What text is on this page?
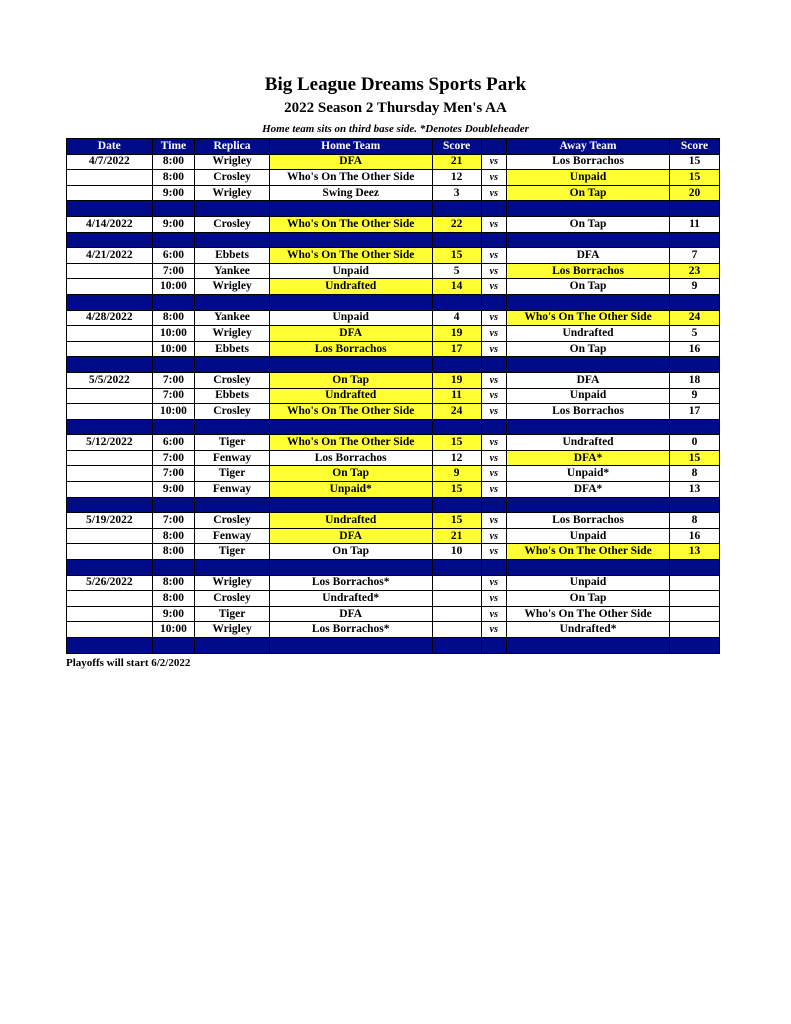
Big League Dreams Sports Park
2022 Season 2 Thursday Men's AA
Home team sits on third base side. *Denotes Doubleheader
Date	Time	Replica	Home Team	Score		Away Team	Score
4/7/2022	8:00	Wrigley	DFA	21	vs	Los Borrachos	15
	8:00	Crosley	Who's On The Other Side	12	vs	Unpaid	15
	9:00	Wrigley	Swing Deez	3	vs	On Tap	20

4/14/2022	9:00	Crosley	Who's On The Other Side	22	vs	On Tap	11

4/21/2022	6:00	Ebbets	Who's On The Other Side	15	vs	DFA	7
	7:00	Yankee	Unpaid	5	vs	Los Borrachos	23
	10:00	Wrigley	Undrafted	14	vs	On Tap	9

4/28/2022	8:00	Yankee	Unpaid	4	vs	Who's On The Other Side	24
	10:00	Wrigley	DFA	19	vs	Undrafted	5
	10:00	Ebbets	Los Borrachos	17	vs	On Tap	16

5/5/2022	7:00	Crosley	On Tap	19	vs	DFA	18
	7:00	Ebbets	Undrafted	11	vs	Unpaid	9
	10:00	Crosley	Who's On The Other Side	24	vs	Los Borrachos	17

5/12/2022	6:00	Tiger	Who's On The Other Side	15	vs	Undrafted	0
	7:00	Fenway	Los Borrachos	12	vs	DFA*	15
	7:00	Tiger	On Tap	9	vs	Unpaid*	8
	9:00	Fenway	Unpaid*	15	vs	DFA*	13

5/19/2022	7:00	Crosley	Undrafted	15	vs	Los Borrachos	8
	8:00	Fenway	DFA	21	vs	Unpaid	16
	8:00	Tiger	On Tap	10	vs	Who's On The Other Side	13

5/26/2022	8:00	Wrigley	Los Borrachos*		vs	Unpaid	
	8:00	Crosley	Undrafted*		vs	On Tap	
	9:00	Tiger	DFA		vs	Who's On The Other Side	
	10:00	Wrigley	Los Borrachos*		vs	Undrafted*	

Playoffs will start 6/2/2022
